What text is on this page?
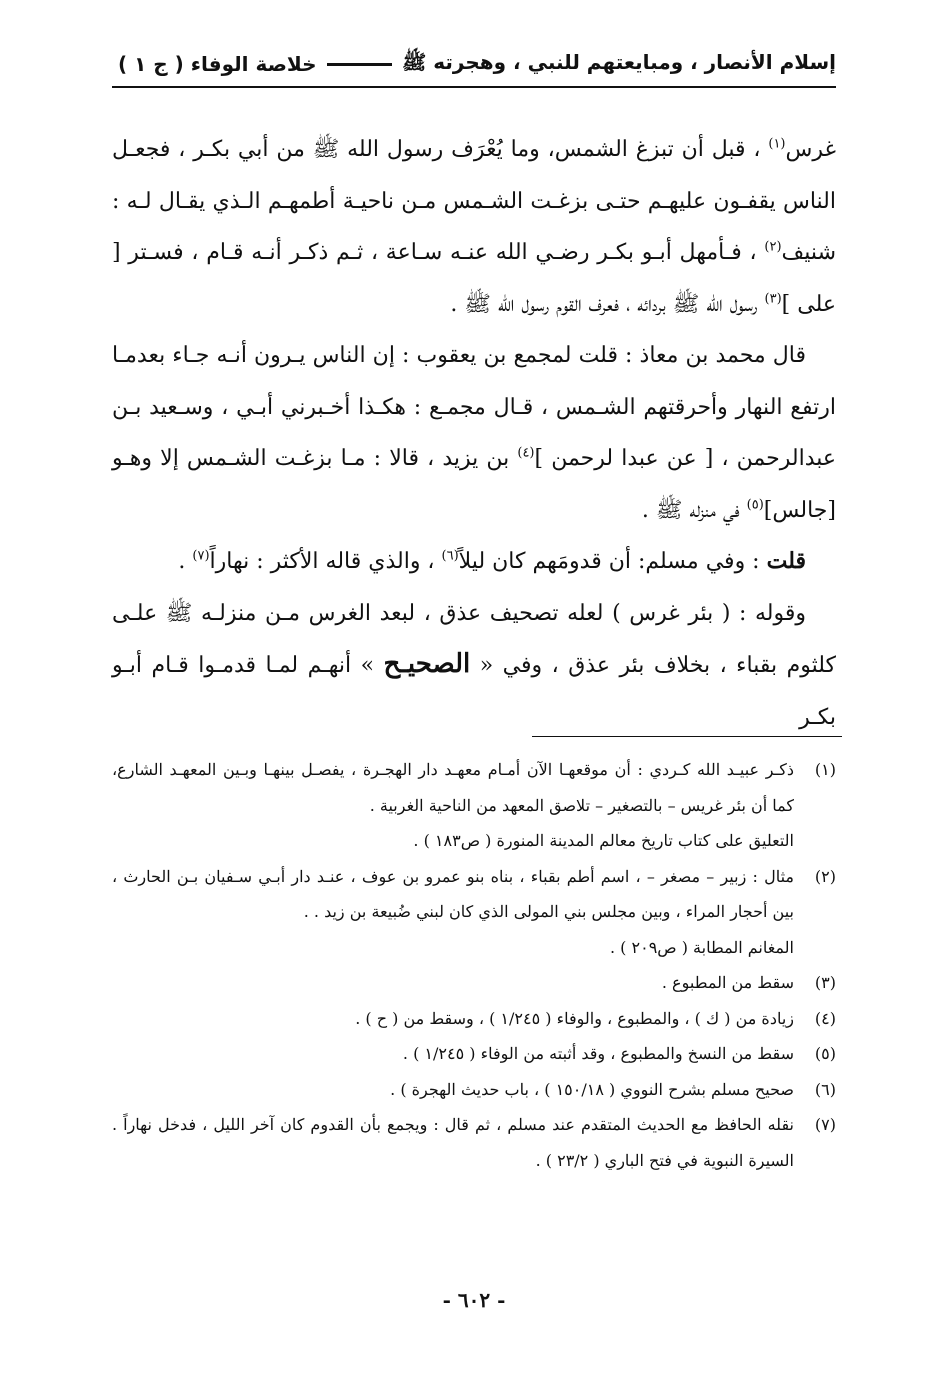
إسلام الأنصار ، ومبايعتهم للنبي ، وهجرته ﷺ
خلاصة الوفاء ( ج ١ )

غرس$^{(١)}$ ، قبل أن تبزغ الشمس، وما يُعْرَف رسول الله ﷺ من أبي بكـر ، فجعـل الناس يقفـون عليهـم حتـى بزغـت الشـمس مـن ناحيـة أطمهـم الـذي يقـال لـه : شنيف$^{(٢)}$ ، فـأمهل أبـو بكـر رضـي الله عنـه سـاعة ، ثـم ذكـر أنـه قـام ، فسـتر [ على ]$^{(٣)}$ رسول الله ﷺ بردائه ، فعرف القوم رسول الله ﷺ .

قال محمد بن معاذ : قلت لمجمع بن يعقوب : إن الناس يـرون أنـه جـاء بعدمـا ارتفع النهار وأحرقتهم الشـمس ، قـال مجمـع : هكـذا أخـبرني أبـي ، وسـعيد بـن عبدالرحمن ، [ عن عبدا لرحمن ]$^{(٤)}$ بن يزيد ، قالا : مـا بزغـت الشـمس إلا وهـو [جالس]$^{(٥)}$ في منزله ﷺ .

قلت : وفي مسلم: أن قدومَهم كان ليلاً$^{(٦)}$ ، والذي قاله الأكثر : نهاراً$^{(٧)}$ .

وقوله : ( بئر غرس ) لعله تصحيف عذق ، لبعد الغرس مـن منزلـه ﷺ علـى كلثوم بقباء ، بخلاف بئر عذق ، وفي « الصحيـح » أنهـم لمـا قدمـوا قـام أبـو بكـر

(١)
ذكـر عبيـد الله كـردي : أن موقعهـا الآن أمـام معهـد دار الهجـرة ، يفصـل بينهـا وبـين المعهـد الشارع، كما أن بئر غريس – بالتصغير – تلاصق المعهد من الناحية الغربية .
التعليق على كتاب تاريخ معالم المدينة المنورة ( ص١٨٣ ) .
(٢)
مثال : زبير – مصغر – ، اسم أطم بقباء ، بناه بنو عمرو بن عوف ، عنـد دار أبـي سـفيان بـن الحارث ، بين أحجار المراء ، وبين مجلس بني المولى الذي كان لبني ضُبيعة بن زيد . .
المغانم المطابة ( ص٢٠٩ ) .
(٣)
سقط من المطبوع .
(٤)
زيادة من ( ك ) ، والمطبوع ، والوفاء ( ١/٢٤٥ ) ، وسقط من ( ح ) .
(٥)
سقط من النسخ والمطبوع ، وقد أثبته من الوفاء ( ١/٢٤٥ ) .
(٦)
صحيح مسلم بشرح النووي ( ١٥٠/١٨ ) ، باب حديث الهجرة ) .
(٧)
نقله الحافظ مع الحديث المتقدم عند مسلم ، ثم قال : ويجمع بأن القدوم كان آخر الليل ، فدخل نهاراً . السيرة النبوية في فتح الباري ( ٢٣/٢ ) .
- ٦٠٢ -
